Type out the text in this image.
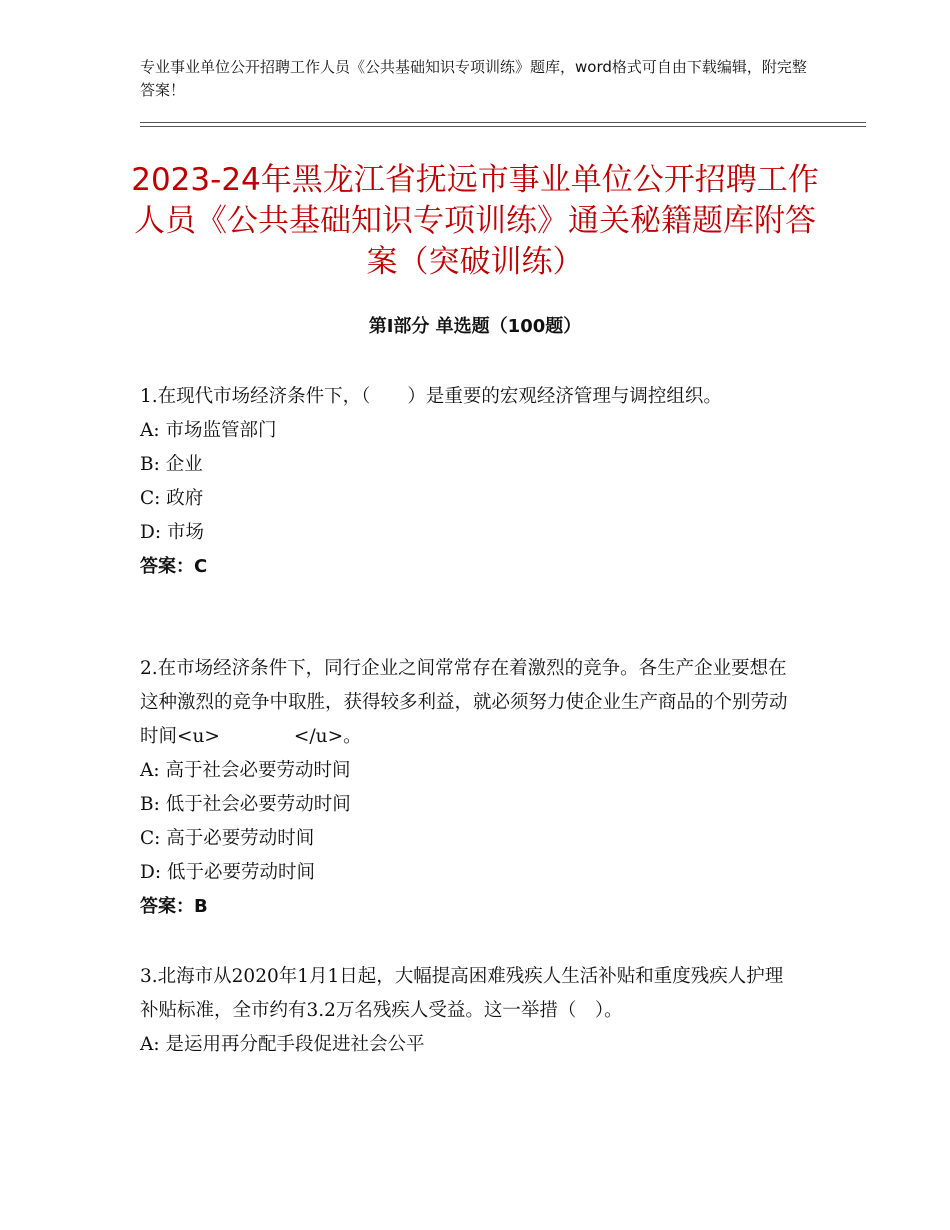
专业事业单位公开招聘工作人员《公共基础知识专项训练》题库，word格式可自由下载编辑，附完整答案！
2023-24年黑龙江省抚远市事业单位公开招聘工作人员《公共基础知识专项训练》通关秘籍题库附答案（突破训练）
第Ⅰ部分 单选题（100题）

1.在现代市场经济条件下，（　　）是重要的宏观经济管理与调控组织。

A: 市场监管部门

B: 企业

C: 政府

D: 市场

答案：C

2.在市场经济条件下，同行企业之间常常存在着激烈的竞争。各生产企业要想在这种激烈的竞争中取胜，获得较多利益，就必须努力使企业生产商品的个别劳动时间<u>　　　　</u>。

A: 高于社会必要劳动时间

B: 低于社会必要劳动时间

C: 高于必要劳动时间

D: 低于必要劳动时间

答案：B

3.北海市从2020年1月1日起，大幅提高困难残疾人生活补贴和重度残疾人护理补贴标准，全市约有3.2万名残疾人受益。这一举措（　）。

A: 是运用再分配手段促进社会公平
